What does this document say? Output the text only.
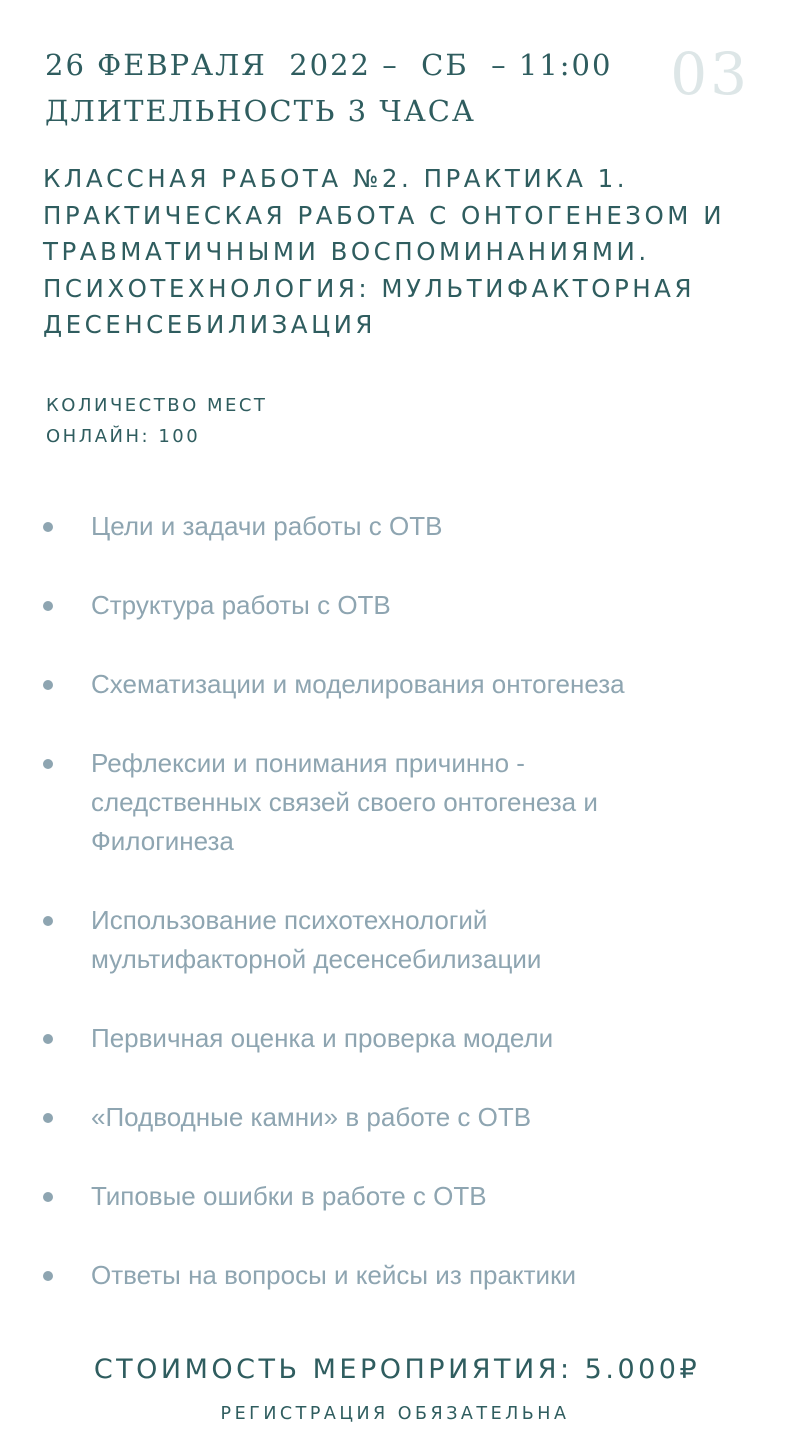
26 ФЕВРАЛЯ  2022 –  СБ  – 11:00
ДЛИТЕЛЬНОСТЬ 3 ЧАСА
03
КЛАССНАЯ РАБОТА №2. ПРАКТИКА 1.
ПРАКТИЧЕСКАЯ РАБОТА С ОНТОГЕНЕЗОМ И
ТРАВМАТИЧНЫМИ ВОСПОМИНАНИЯМИ.
ПСИХОТЕХНОЛОГИЯ: МУЛЬТИФАКТОРНАЯ
ДЕСЕНСЕБИЛИЗАЦИЯ
КОЛИЧЕСТВО МЕСТ
ОНЛАЙН: 100
Цели и задачи работы с ОТВ
Структура работы с ОТВ
Схематизации и моделирования онтогенеза
Рефлексии и понимания причинно -
следственных связей своего онтогенеза и
Филогинеза
Использование психотехнологий
мультифакторной десенсебилизации
Первичная оценка и проверка модели
«Подводные камни» в работе с ОТВ
Типовые ошибки в работе с ОТВ
Ответы на вопросы и кейсы из практики
СТОИМОСТЬ МЕРОПРИЯТИЯ: 5.000₽
РЕГИСТРАЦИЯ ОБЯЗАТЕЛЬНА
